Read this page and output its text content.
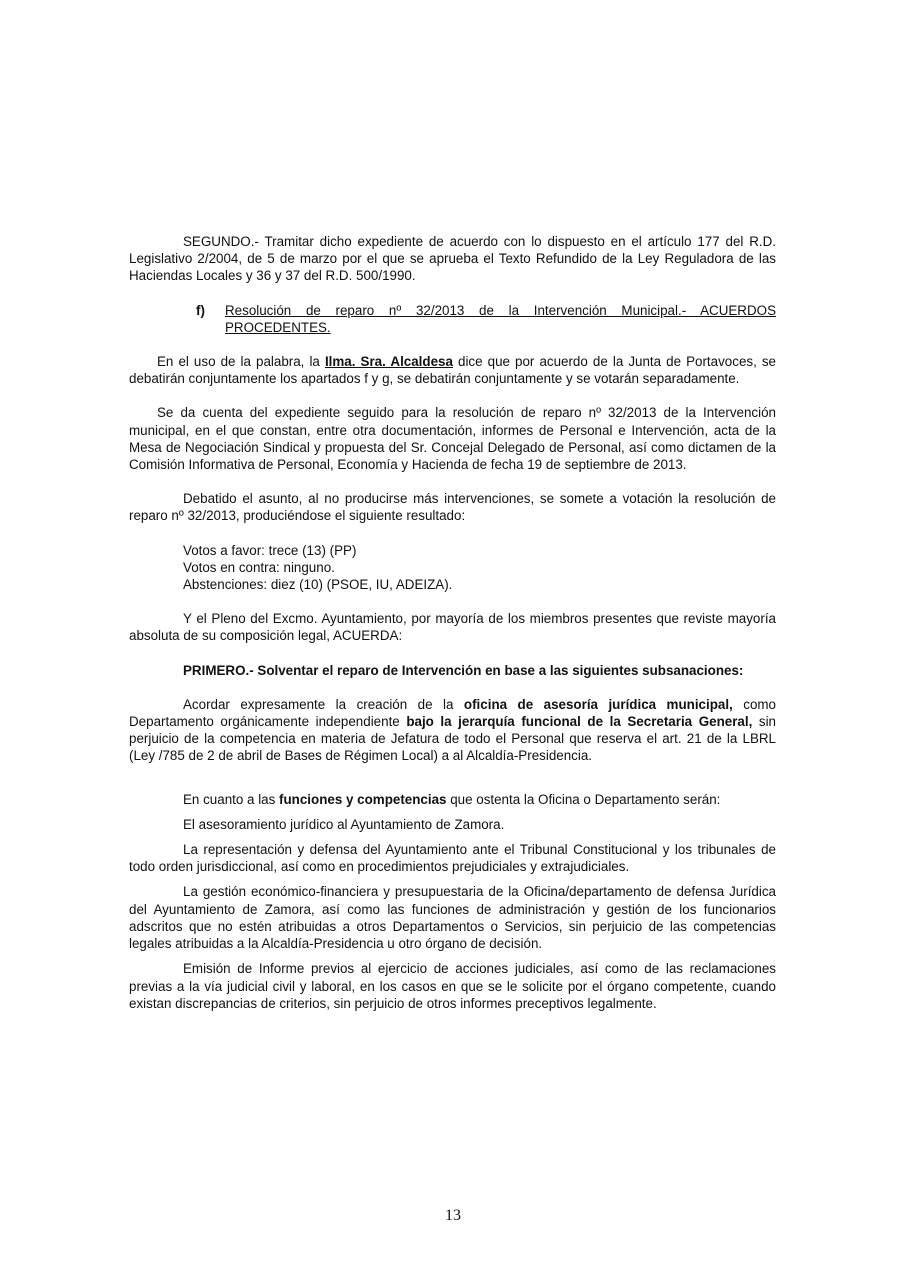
SEGUNDO.- Tramitar dicho expediente de acuerdo con lo dispuesto en el artículo 177 del R.D. Legislativo 2/2004, de 5 de marzo por el que se aprueba el Texto Refundido de la Ley Reguladora de las Haciendas Locales y 36 y 37 del R.D. 500/1990.

f) Resolución de reparo nº 32/2013 de la Intervención Municipal.- ACUERDOS PROCEDENTES.

En el uso de la palabra, la Ilma. Sra. Alcaldesa dice que por acuerdo de la Junta de Portavoces, se debatirán conjuntamente los apartados f y g, se debatirán conjuntamente y se votarán separadamente.

Se da cuenta del expediente seguido para la resolución de reparo nº 32/2013 de la Intervención municipal, en el que constan, entre otra documentación, informes de Personal e Intervención, acta de la Mesa de Negociación Sindical y propuesta del Sr. Concejal Delegado de Personal, así como dictamen de la Comisión Informativa de Personal, Economía y Hacienda de fecha 19 de septiembre de 2013.

Debatido el asunto, al no producirse más intervenciones, se somete a votación la resolución de reparo nº 32/2013, produciéndose el siguiente resultado:

Votos a favor: trece (13) (PP)
Votos en contra: ninguno.
Abstenciones: diez (10) (PSOE, IU, ADEIZA).

Y el Pleno del Excmo. Ayuntamiento, por mayoría de los miembros presentes que reviste mayoría absoluta de su composición legal, ACUERDA:

PRIMERO.- Solventar el reparo de Intervención en base a las siguientes subsanaciones:

Acordar expresamente la creación de la oficina de asesoría jurídica municipal, como Departamento orgánicamente independiente bajo la jerarquía funcional de la Secretaria General, sin perjuicio de la competencia en materia de Jefatura de todo el Personal que reserva el art. 21 de la LBRL (Ley /785 de 2 de abril de Bases de Régimen Local) a al Alcaldía-Presidencia.

En cuanto a las funciones y competencias que ostenta la Oficina o Departamento serán:

El asesoramiento jurídico al Ayuntamiento de Zamora.

La representación y defensa del Ayuntamiento ante el Tribunal Constitucional y los tribunales de todo orden jurisdiccional, así como en procedimientos prejudiciales y extrajudiciales.

La gestión económico-financiera y presupuestaria de la Oficina/departamento de defensa Jurídica del Ayuntamiento de Zamora, así como las funciones de administración y gestión de los funcionarios adscritos que no estén atribuidas a otros Departamentos o Servicios, sin perjuicio de las competencias legales atribuidas a la Alcaldía-Presidencia u otro órgano de decisión.

Emisión de Informe previos al ejercicio de acciones judiciales, así como de las reclamaciones previas a la vía judicial civil y laboral, en los casos en que se le solicite por el órgano competente, cuando existan discrepancias de criterios, sin perjuicio de otros informes preceptivos legalmente.

13
